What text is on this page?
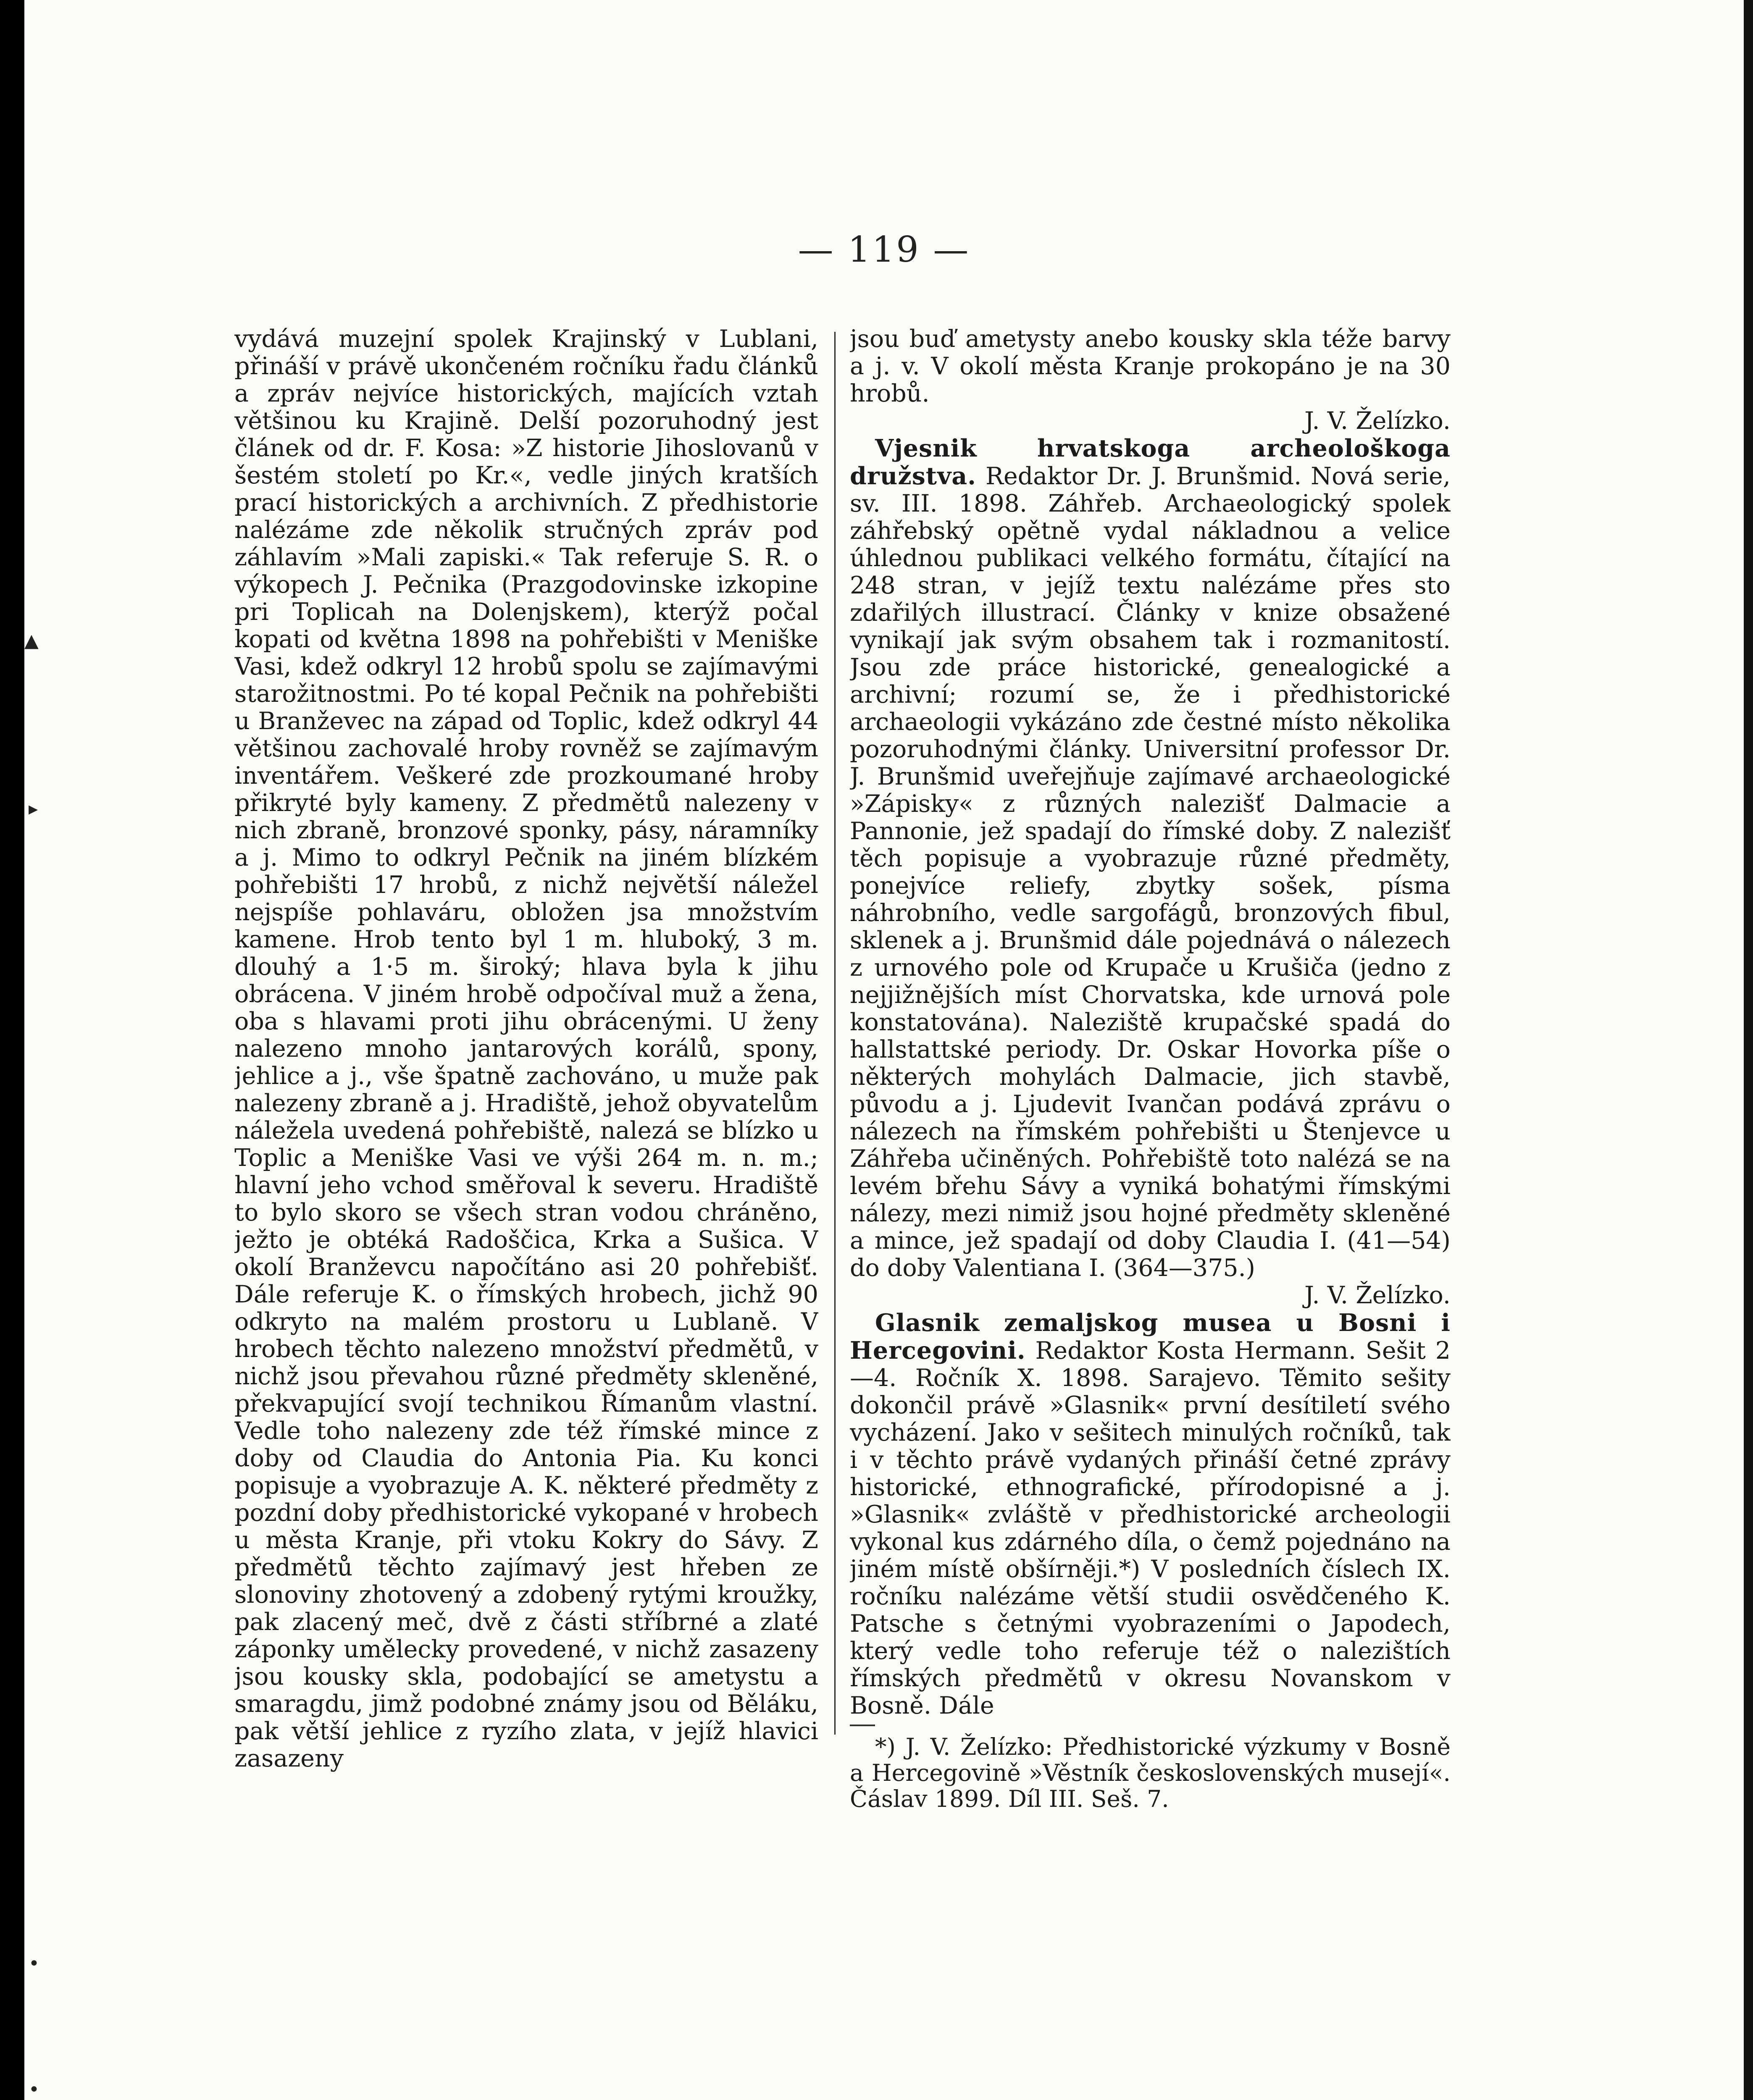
— 119 —

vydává muzejní spolek Krajinský v Lublani, přináší v právě ukončeném ročníku řadu článků a zpráv nejvíce historických, majících vztah většinou ku Krajině. Delší pozoruhodný jest článek od dr. F. Kosa: »Z historie Jihoslovanů v šestém století po Kr.«, vedle jiných kratších prací historických a archivních. Z předhistorie nalézáme zde několik stručných zpráv pod záhlavím »Mali zapiski.« Tak referuje S. R. o výkopech J. Pečnika (Prazgodovinske izkopine pri Toplicah na Dolenjskem), kterýž počal kopati od května 1898 na pohřebišti v Meniške Vasi, kdež odkryl 12 hrobů spolu se zajímavými starožitnostmi. Po té kopal Pečnik na pohřebišti u Branževec na západ od Toplic, kdež odkryl 44 většinou zachovalé hroby rovněž se zajímavým inventářem. Veškeré zde prozkoumané hroby přikryté byly kameny. Z předmětů nalezeny v nich zbraně, bronzové sponky, pásy, náramníky a j. Mimo to odkryl Pečnik na jiném blízkém pohřebišti 17 hrobů, z nichž největší náležel nejspíše pohlaváru, obložen jsa množstvím kamene. Hrob tento byl 1 m. hluboký, 3 m. dlouhý a 1·5 m. široký; hlava byla k jihu obrácena. V jiném hrobě odpočíval muž a žena, oba s hlavami proti jihu obrácenými. U ženy nalezeno mnoho jantarových korálů, spony, jehlice a j., vše špatně zachováno, u muže pak nalezeny zbraně a j. Hradiště, jehož obyvatelům náležela uvedená pohřebiště, nalezá se blízko u Toplic a Meniške Vasi ve výši 264 m. n. m.; hlavní jeho vchod směřoval k severu. Hradiště to bylo skoro se všech stran vodou chráněno, ježto je obtéká Radoščica, Krka a Sušica. V okolí Branževcu napočítáno asi 20 pohřebišť. Dále referuje K. o římských hrobech, jichž 90 odkryto na malém prostoru u Lublaně. V hrobech těchto nalezeno množství předmětů, v nichž jsou převahou různé předměty skleněné, překvapující svojí technikou Římanům vlastní. Vedle toho nalezeny zde též římské mince z doby od Claudia do Antonia Pia. Ku konci popisuje a vyobrazuje A. K. některé předměty z pozdní doby předhistorické vykopané v hrobech u města Kranje, při vtoku Kokry do Sávy. Z předmětů těchto zajímavý jest hřeben ze slonoviny zhotovený a zdobený rytými kroužky, pak zlacený meč, dvě z části stříbrné a zlaté záponky umělecky provedené, v nichž zasazeny jsou kousky skla, podobající se ametystu a smaragdu, jimž podobné známy jsou od Běláku, pak větší jehlice z ryzího zlata, v jejíž hlavici zasazeny

jsou buď ametysty anebo kousky skla téže barvy a j. v. V okolí města Kranje prokopáno je na 30 hrobů.
J. V. Želízko.

Vjesnik hrvatskoga archeološkoga družstva. Redaktor Dr. J. Brunšmid. Nová serie, sv. III. 1898. Záhřeb. Archaeologický spolek záhřebský opětně vydal nákladnou a velice úhlednou publikaci velkého formátu, čítající na 248 stran, v jejíž textu nalézáme přes sto zdařilých illustrací. Články v knize obsažené vynikají jak svým obsahem tak i rozmanitostí. Jsou zde práce historické, genealogické a archivní; rozumí se, že i předhistorické archaeologii vykázáno zde čestné místo několika pozoruhodnými články. Universitní professor Dr. J. Brunšmid uveřejňuje zajímavé archaeologické »Zápisky« z různých nalezišť Dalmacie a Pannonie, jež spadají do římské doby. Z nalezišť těch popisuje a vyobrazuje různé předměty, ponejvíce reliefy, zbytky sošek, písma náhrobního, vedle sargofágů, bronzových fibul, sklenek a j. Brunšmid dále pojednává o nálezech z urnového pole od Krupače u Krušiča (jedno z nejjižnějších míst Chorvatska, kde urnová pole konstatována). Naleziště krupačské spadá do hallstattské periody. Dr. Oskar Hovorka píše o některých mohylách Dalmacie, jich stavbě, původu a j. Ljudevit Ivančan podává zprávu o nálezech na římském pohřebišti u Štenjevce u Záhřeba učiněných. Pohřebiště toto nalézá se na levém břehu Sávy a vyniká bohatými římskými nálezy, mezi nimiž jsou hojné předměty skleněné a mince, jež spadají od doby Claudia I. (41—54) do doby Valentiana I. (364—375.)
J. V. Želízko.

Glasnik zemaljskog musea u Bosni i Hercegovini. Redaktor Kosta Hermann. Sešit 2—4. Ročník X. 1898. Sarajevo. Těmito sešity dokončil právě »Glasnik« první desítiletí svého vycházení. Jako v sešitech minulých ročníků, tak i v těchto právě vydaných přináší četné zprávy historické, ethnografické, přírodopisné a j. »Glasnik« zvláště v předhistorické archeologii vykonal kus zdárného díla, o čemž pojednáno na jiném místě obšírněji.*) V posledních číslech IX. ročníku nalézáme větší studii osvědčeného K. Patsche s četnými vyobrazeními o Japodech, který vedle toho referuje též o nalezištích římských předmětů v okresu Novanskom v Bosně. Dále

*) J. V. Želízko: Předhistorické výzkumy v Bosně a Hercegovině »Věstník československých musejí«. Čáslav 1899. Díl III. Seš. 7.

▲
▸
•
•
